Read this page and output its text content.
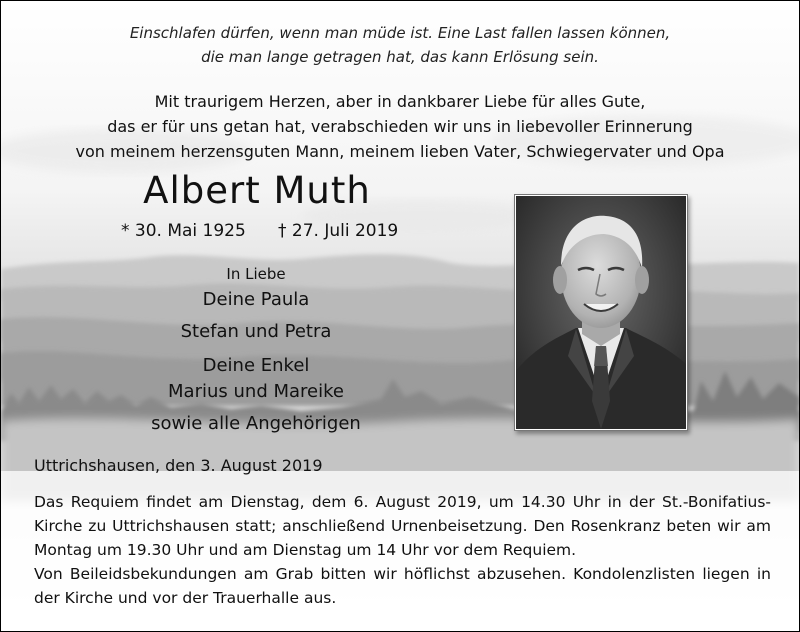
Einschlafen dürfen, wenn man müde ist. Eine Last fallen lassen können,
die man lange getragen hat, das kann Erlösung sein.
Mit traurigem Herzen, aber in dankbarer Liebe für alles Gute,
das er für uns getan hat, verabschieden wir uns in liebevoller Erinnerung
von meinem herzensguten Mann, meinem lieben Vater, Schwiegervater und Opa
Albert Muth
* 30. Mai 1925 † 27. Juli 2019
In Liebe
Deine Paula
Stefan und Petra
Deine Enkel
Marius und Mareike
sowie alle Angehörigen
Uttrichshausen, den 3. August 2019

Das Requiem findet am Dienstag, dem 6. August 2019, um 14.30 Uhr in der St.-Bonifatius-Kirche zu Uttrichshausen statt; anschließend Urnenbeisetzung. Den Rosenkranz beten wir am Montag um 19.30 Uhr und am Dienstag um 14 Uhr vor dem Requiem.

Von Beileidsbekundungen am Grab bitten wir höflichst abzusehen. Kondolenzlisten liegen in der Kirche und vor der Trauerhalle aus.
